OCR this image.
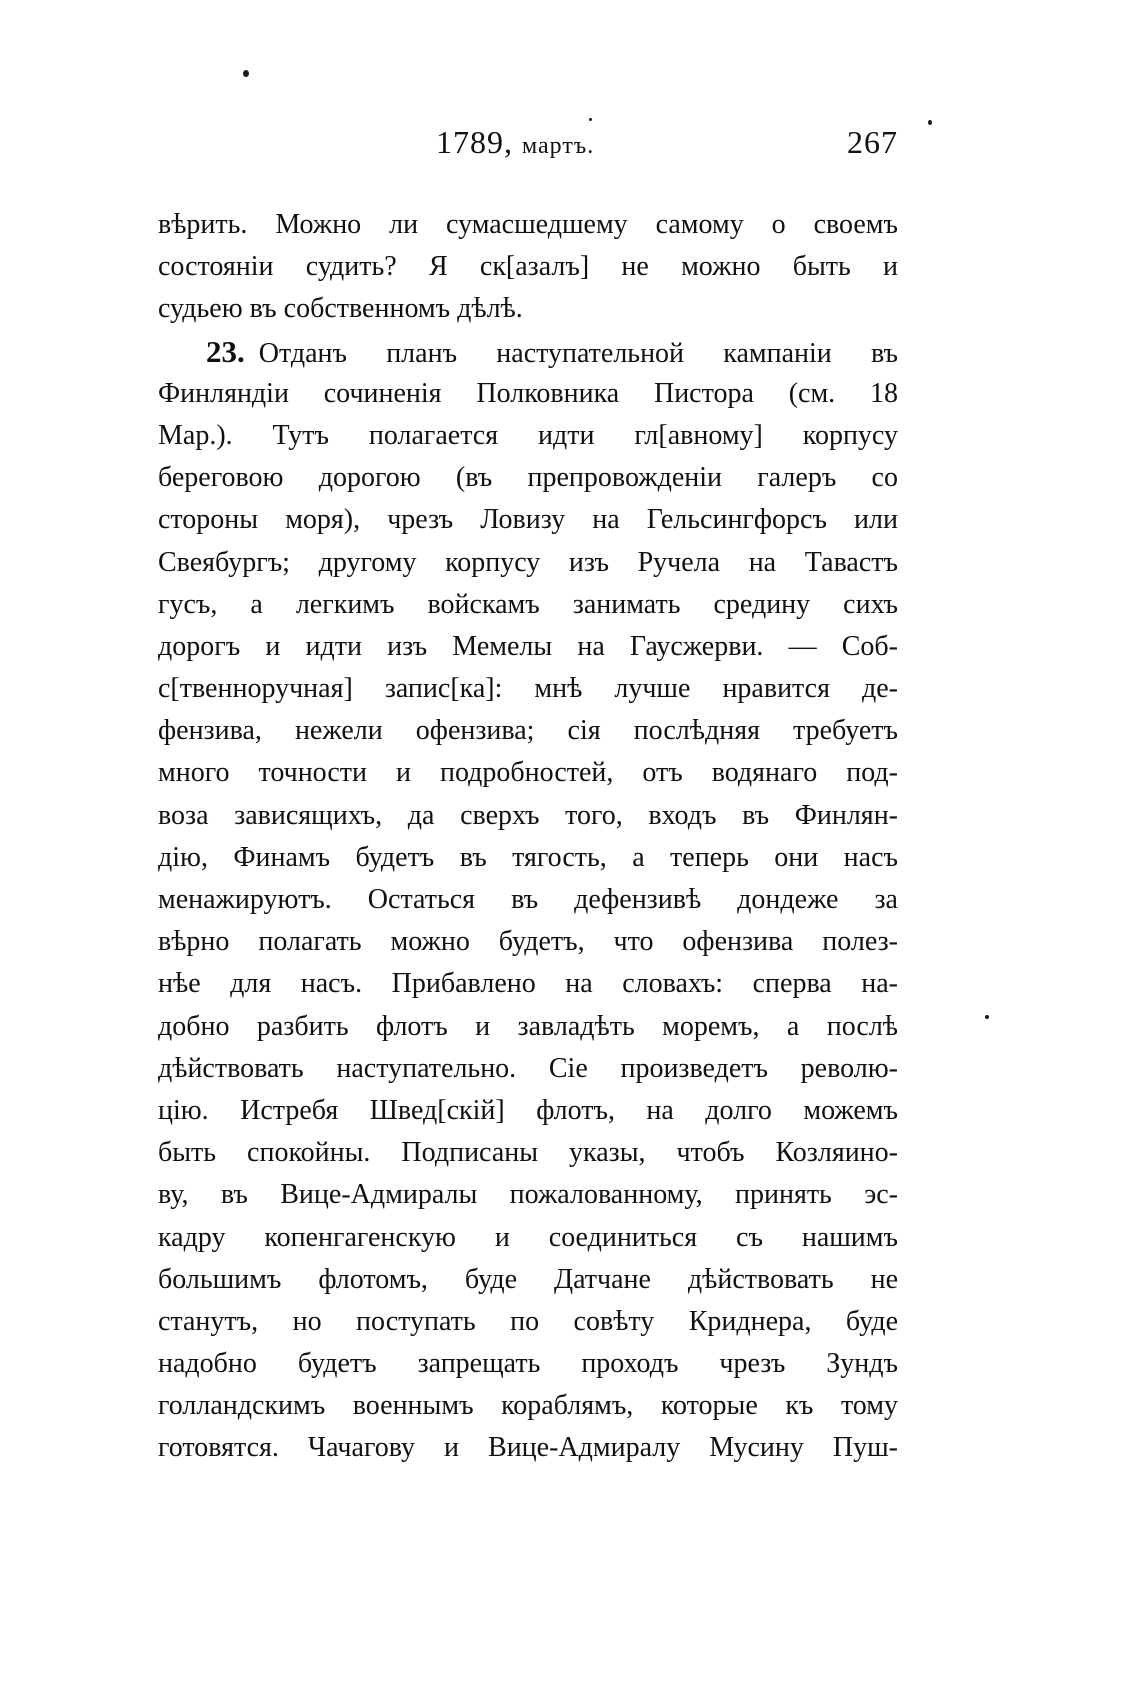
1789, мартъ.	267
вѣрить. Можно ли сумасшедшему самому о своемъ
состояніи судить? Я ск[азалъ] не можно быть и
судьею въ собственномъ дѣлѣ.
23. Отданъ планъ наступательной кампаніи въ
Финляндіи сочиненія Полковника Пистора (см. 18
Мар.). Тутъ полагается идти гл[авному] корпусу
береговою дорогою (въ препровожденіи галеръ со
стороны моря), чрезъ Ловизу на Гельсингфорсъ или
Свеябургъ; другому корпусу изъ Ручела на Тавастъ
гусъ, а легкимъ войскамъ занимать средину сихъ
дорогъ и идти изъ Мемелы на Гаусжерви. — Соб-
с[твенноручная] запис[ка]: мнѣ лучше нравится де-
фензива, нежели офензива; сія послѣдняя требуетъ
много точности и подробностей, отъ водянаго под-
воза зависящихъ, да сверхъ того, входъ въ Финлян-
дію, Финамъ будетъ въ тягость, а теперь они насъ
менажируютъ. Остаться въ дефензивѣ дондеже за
вѣрно полагать можно будетъ, что офензива полез-
нѣе для насъ. Прибавлено на словахъ: сперва на-
добно разбить флотъ и завладѣть моремъ, а послѣ
дѣйствовать наступательно. Сіе произведетъ револю-
цію. Истребя Швед[скій] флотъ, на долго можемъ
быть спокойны. Подписаны указы, чтобъ Козляино-
ву, въ Вице-Адмиралы пожалованному, принять эс-
кадру копенгагенскую и соединиться съ нашимъ
большимъ флотомъ, буде Датчане дѣйствовать не
станутъ, но поступать по совѣту Криднера, буде
надобно будетъ запрещать проходъ чрезъ Зундъ
голландскимъ военнымъ кораблямъ, которые къ тому
готовятся. Чачагову и Вице-Адмиралу Мусину Пуш-
